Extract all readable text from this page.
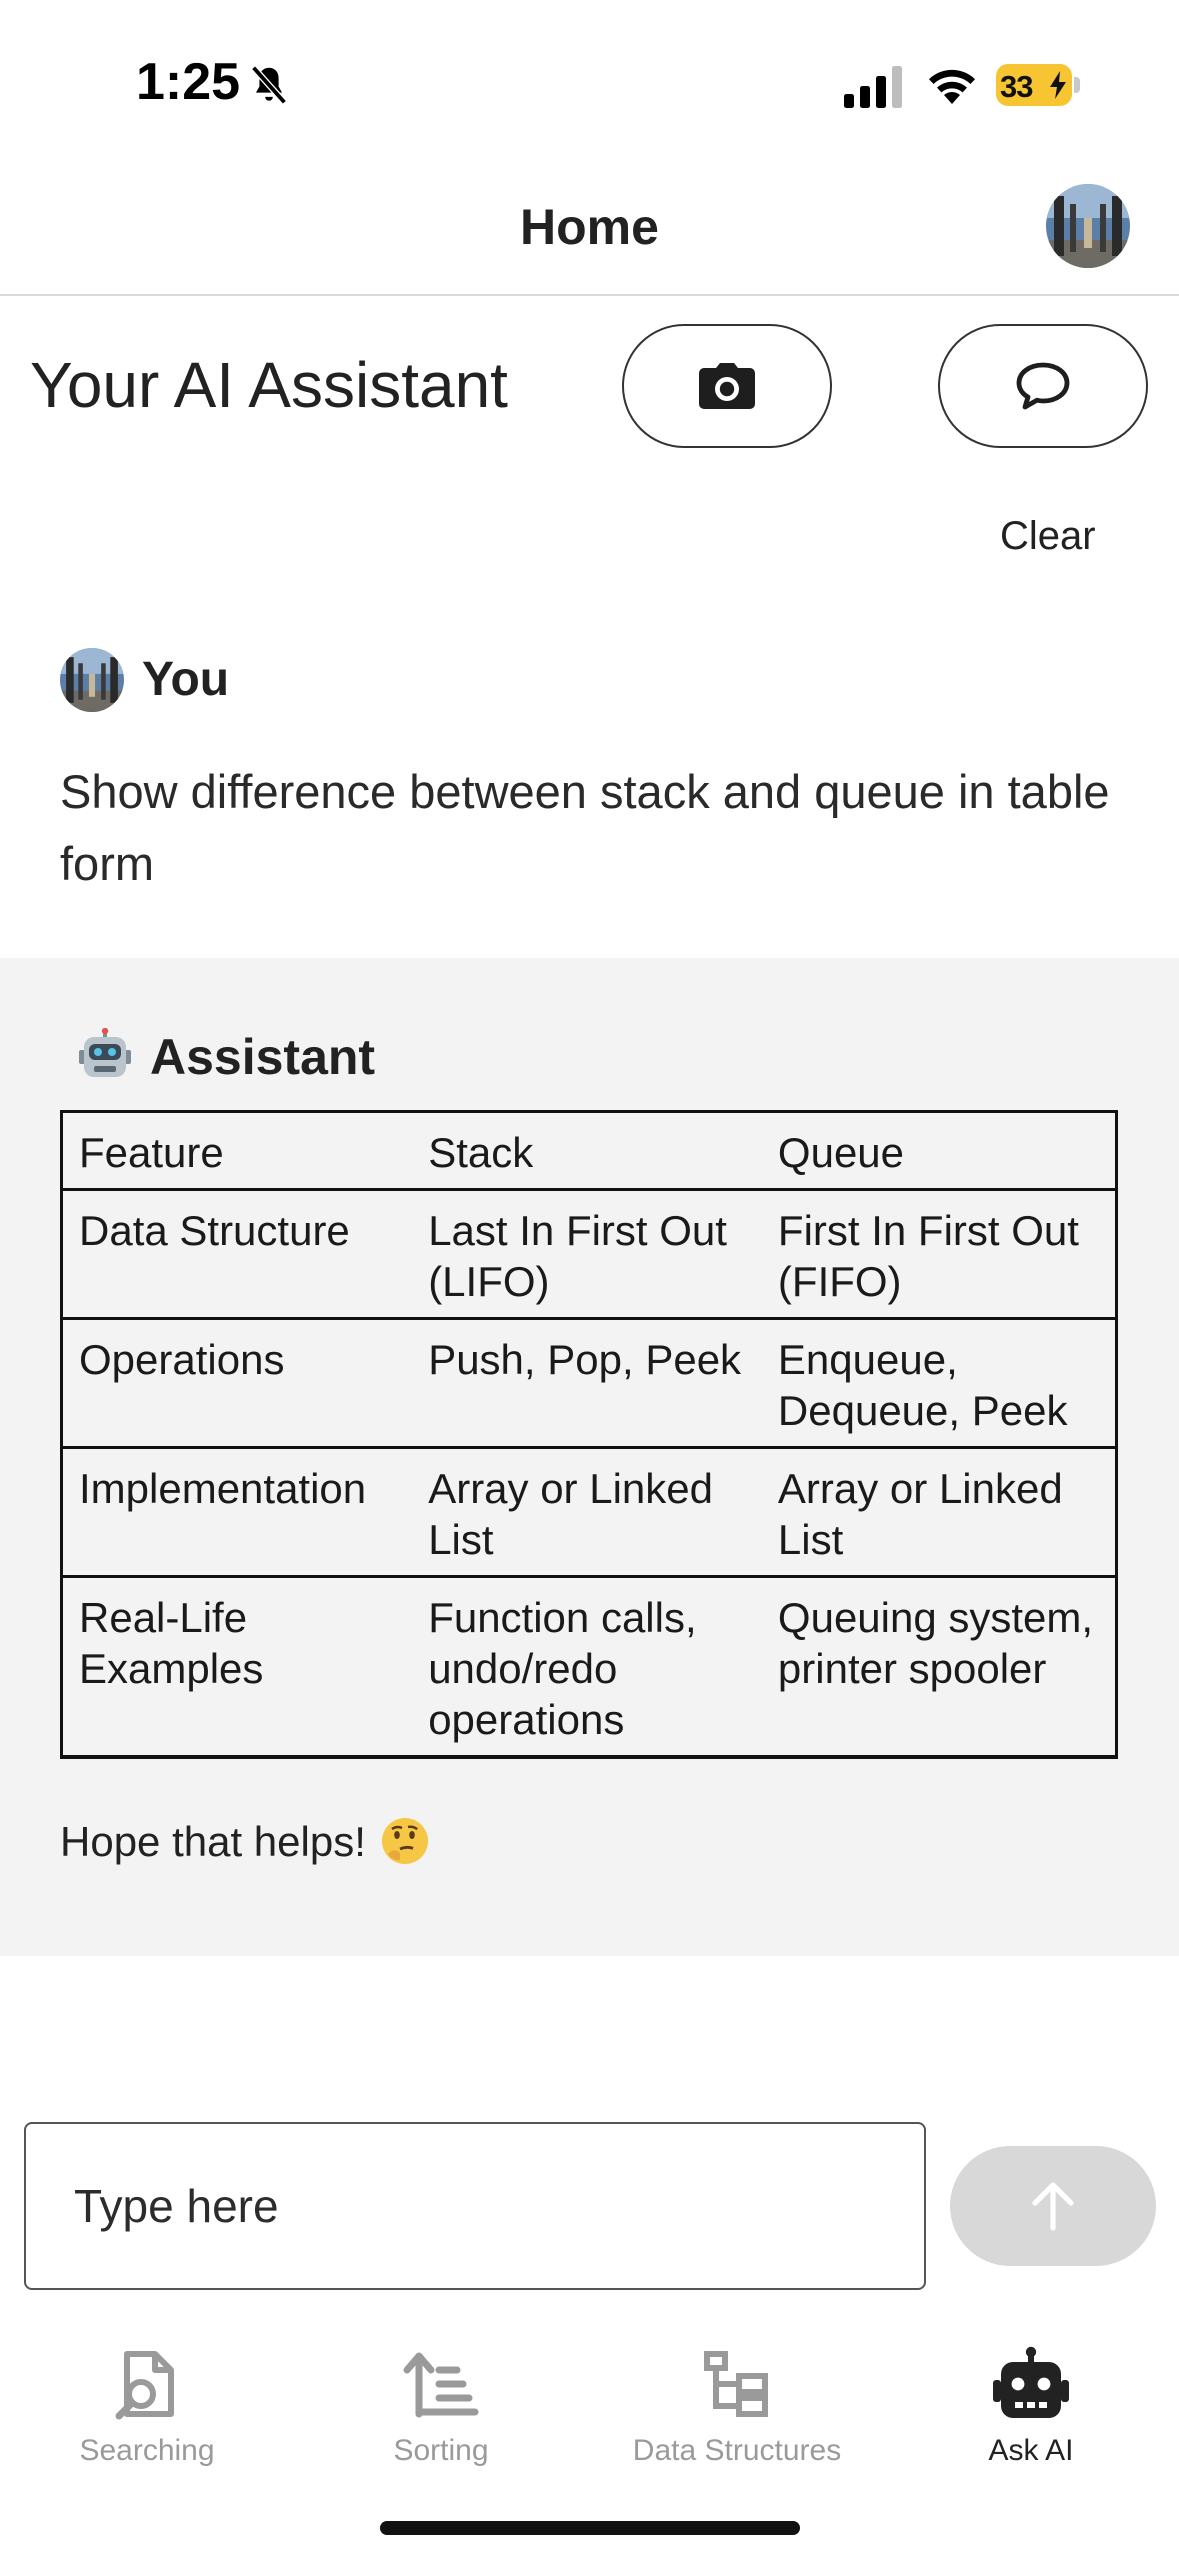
1:25	33
Home
Your AI Assistant
Clear
You
Show difference between stack and queue in table form
Assistant
Feature	Stack	Queue
Data Structure	Last In First Out (LIFO)	First In First Out (FIFO)
Operations	Push, Pop, Peek	Enqueue, Dequeue, Peek
Implementation	Array or Linked List	Array or Linked List
Real-Life Examples	Function calls, undo/redo operations	Queuing system, printer spooler
Hope that helps!
Type here
Searching	Sorting	Data Structures	Ask AI
